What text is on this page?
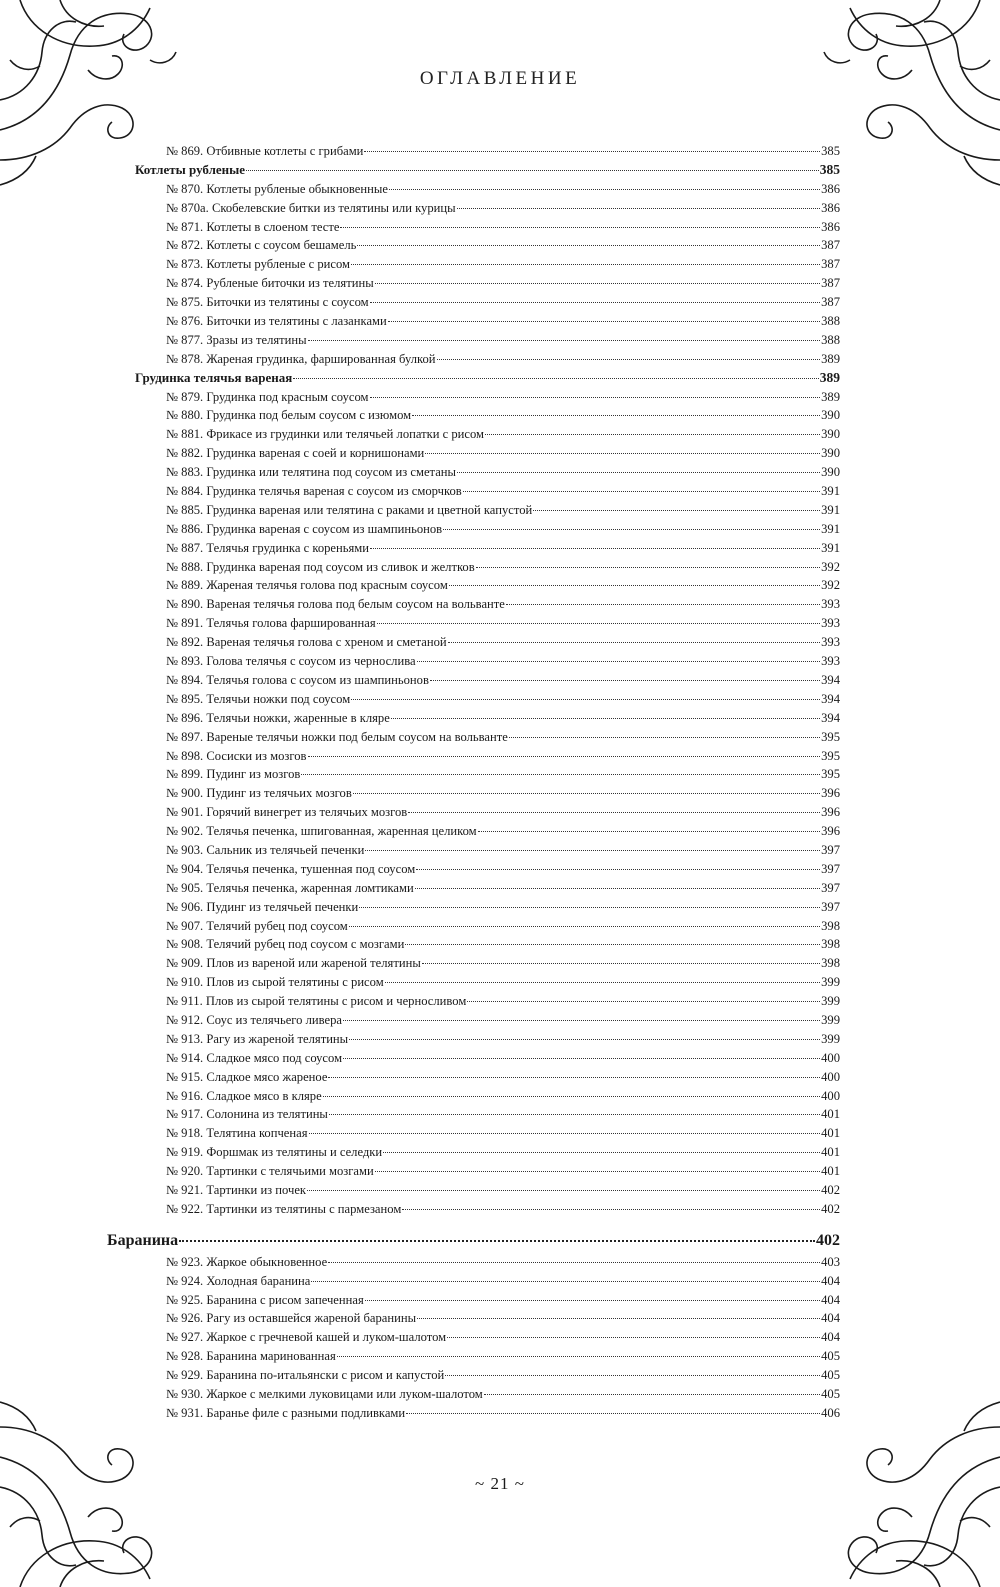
ОГЛАВЛЕНИЕ
№ 869. Отбивные котлеты с грибами	385
Котлеты рубленые	385
№ 870. Котлеты рубленые обыкновенные	386
№ 870а. Скобелевские битки из телятины или курицы	386
№ 871. Котлеты в слоеном тесте	386
№ 872. Котлеты с соусом бешамель	387
№ 873. Котлеты рубленые с рисом	387
№ 874. Рубленые биточки из телятины	387
№ 875. Биточки из телятины с соусом	387
№ 876. Биточки из телятины с лазанками	388
№ 877. Зразы из телятины	388
№ 878. Жареная грудинка, фаршированная булкой	389
Грудинка телячья вареная	389
№ 879. Грудинка под красным соусом	389
№ 880. Грудинка под белым соусом с изюмом	390
№ 881. Фрикасе из грудинки или телячьей лопатки с рисом	390
№ 882. Грудинка вареная с соей и корнишонами	390
№ 883. Грудинка или телятина под соусом из сметаны	390
№ 884. Грудинка телячья вареная с соусом из сморчков	391
№ 885. Грудинка вареная или телятина с раками и цветной капустой	391
№ 886. Грудинка вареная с соусом из шампиньонов	391
№ 887. Телячья грудинка с кореньями	391
№ 888. Грудинка вареная под соусом из сливок и желтков	392
№ 889. Жареная телячья голова под красным соусом	392
№ 890. Вареная телячья голова под белым соусом на вольванте	393
№ 891. Телячья голова фаршированная	393
№ 892. Вареная телячья голова с хреном и сметаной	393
№ 893. Голова телячья с соусом из чернослива	393
№ 894. Телячья голова с соусом из шампиньонов	394
№ 895. Телячьи ножки под соусом	394
№ 896. Телячьи ножки, жаренные в кляре	394
№ 897. Вареные телячьи ножки под белым соусом на вольванте	395
№ 898. Сосиски из мозгов	395
№ 899. Пудинг из мозгов	395
№ 900. Пудинг из телячьих мозгов	396
№ 901. Горячий винегрет из телячьих мозгов	396
№ 902. Телячья печенка, шпигованная, жаренная целиком	396
№ 903. Сальник из телячьей печенки	397
№ 904. Телячья печенка, тушенная под соусом	397
№ 905. Телячья печенка, жаренная ломтиками	397
№ 906. Пудинг из телячьей печенки	397
№ 907. Телячий рубец под соусом	398
№ 908. Телячий рубец под соусом с мозгами	398
№ 909. Плов из вареной или жареной телятины	398
№ 910. Плов из сырой телятины с рисом	399
№ 911. Плов из сырой телятины с рисом и черносливом	399
№ 912. Соус из телячьего ливера	399
№ 913. Рагу из жареной телятины	399
№ 914. Сладкое мясо под соусом	400
№ 915. Сладкое мясо жареное	400
№ 916. Сладкое мясо в кляре	400
№ 917. Солонина из телятины	401
№ 918. Телятина копченая	401
№ 919. Форшмак из телятины и селедки	401
№ 920. Тартинки с телячьими мозгами	401
№ 921. Тартинки из почек	402
№ 922. Тартинки из телятины с пармезаном	402
Баранина	402
№ 923. Жаркое обыкновенное	403
№ 924. Холодная баранина	404
№ 925. Баранина с рисом запеченная	404
№ 926. Рагу из оставшейся жареной баранины	404
№ 927. Жаркое с гречневой кашей и луком-шалотом	404
№ 928. Баранина маринованная	405
№ 929. Баранина по-итальянски с рисом и капустой	405
№ 930. Жаркое с мелкими луковицами или луком-шалотом	405
№ 931. Баранье филе с разными подливками	406
~ 21 ~
